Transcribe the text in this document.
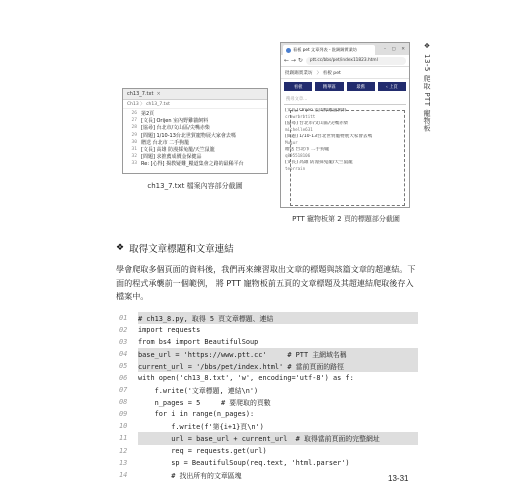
ch13_7.txt ×
Ch13 〉 ch13_7.txt
26 第2頁
27 [文長] Orijen 室內野雞貓飼料
28 [協尋] 台北市/文山區/尖嘴赤柴
29 [問題] 1/10-13台北世貿寵物展大家會去嗎
30 贈送 台北市 二手狗籠
31 [文長] 高雄 防漫採兔籠/天竺鼠籠
32 [問題] 求推薦成價金保健品
33 Re: [心得] 揭教疑難_糧道集會之路的最稀平台
ch13_7.txt 檔案內容部分截圖
看板 pet 文章列表 - 批踢踢實業坊	– ▢ ✕
← → ↻ ptt.cc/bbs/pet/index11823.html
批踢踢實業坊 〉 看板 pet
看板	精華區	最舊	‹ 上頁
搜尋文章…
[文長] Orijen 室內野雞貓飼料
crawrbrbtitt
[協尋] 台北市/文山區/尖嘴赤柴
michelle631
[問題] 1/10-13台北世貿寵物展大家會去嗎
Mugur
贈送 台北市 二手狗籠
q895518106
[文長] 高雄 防漫採兔籠/天竺鼠籠
teorrain
PTT 寵物板第 2 頁的標題部分截圖
❖
13-5 爬取 PTT 寵物板
❖ 取得文章標題和文章連結

學會爬取多個頁面的資料後，我們再來練習取出文章的標題與該篇文章的超連結。下面的程式承襲前一個範例， 將 PTT 寵物板前五頁的文章標題及其超連結爬取後存入檔案中。

01	# ch13_8.py, 取得 5 頁文章標題、連結
02	import requests
03	from bs4 import BeautifulSoup
04	base_url = 'https://www.ptt.cc'     # PTT 主網域名稱
05	current_url = '/bbs/pet/index.html' # 當前頁面的路徑
06	with open('ch13_8.txt', 'w', encoding='utf-8') as f:
07	f.write('文章標題, 連結\n')
08	n_pages = 5     # 要爬取的頁數
09	for i in range(n_pages):
10	f.write(f'第{i+1}頁\n')
11	url = base_url + current_url  # 取得當前頁面的完整網址
12	req = requests.get(url)
13	sp = BeautifulSoup(req.text, 'html.parser')
14	# 找出所有的文章區塊	13-31
